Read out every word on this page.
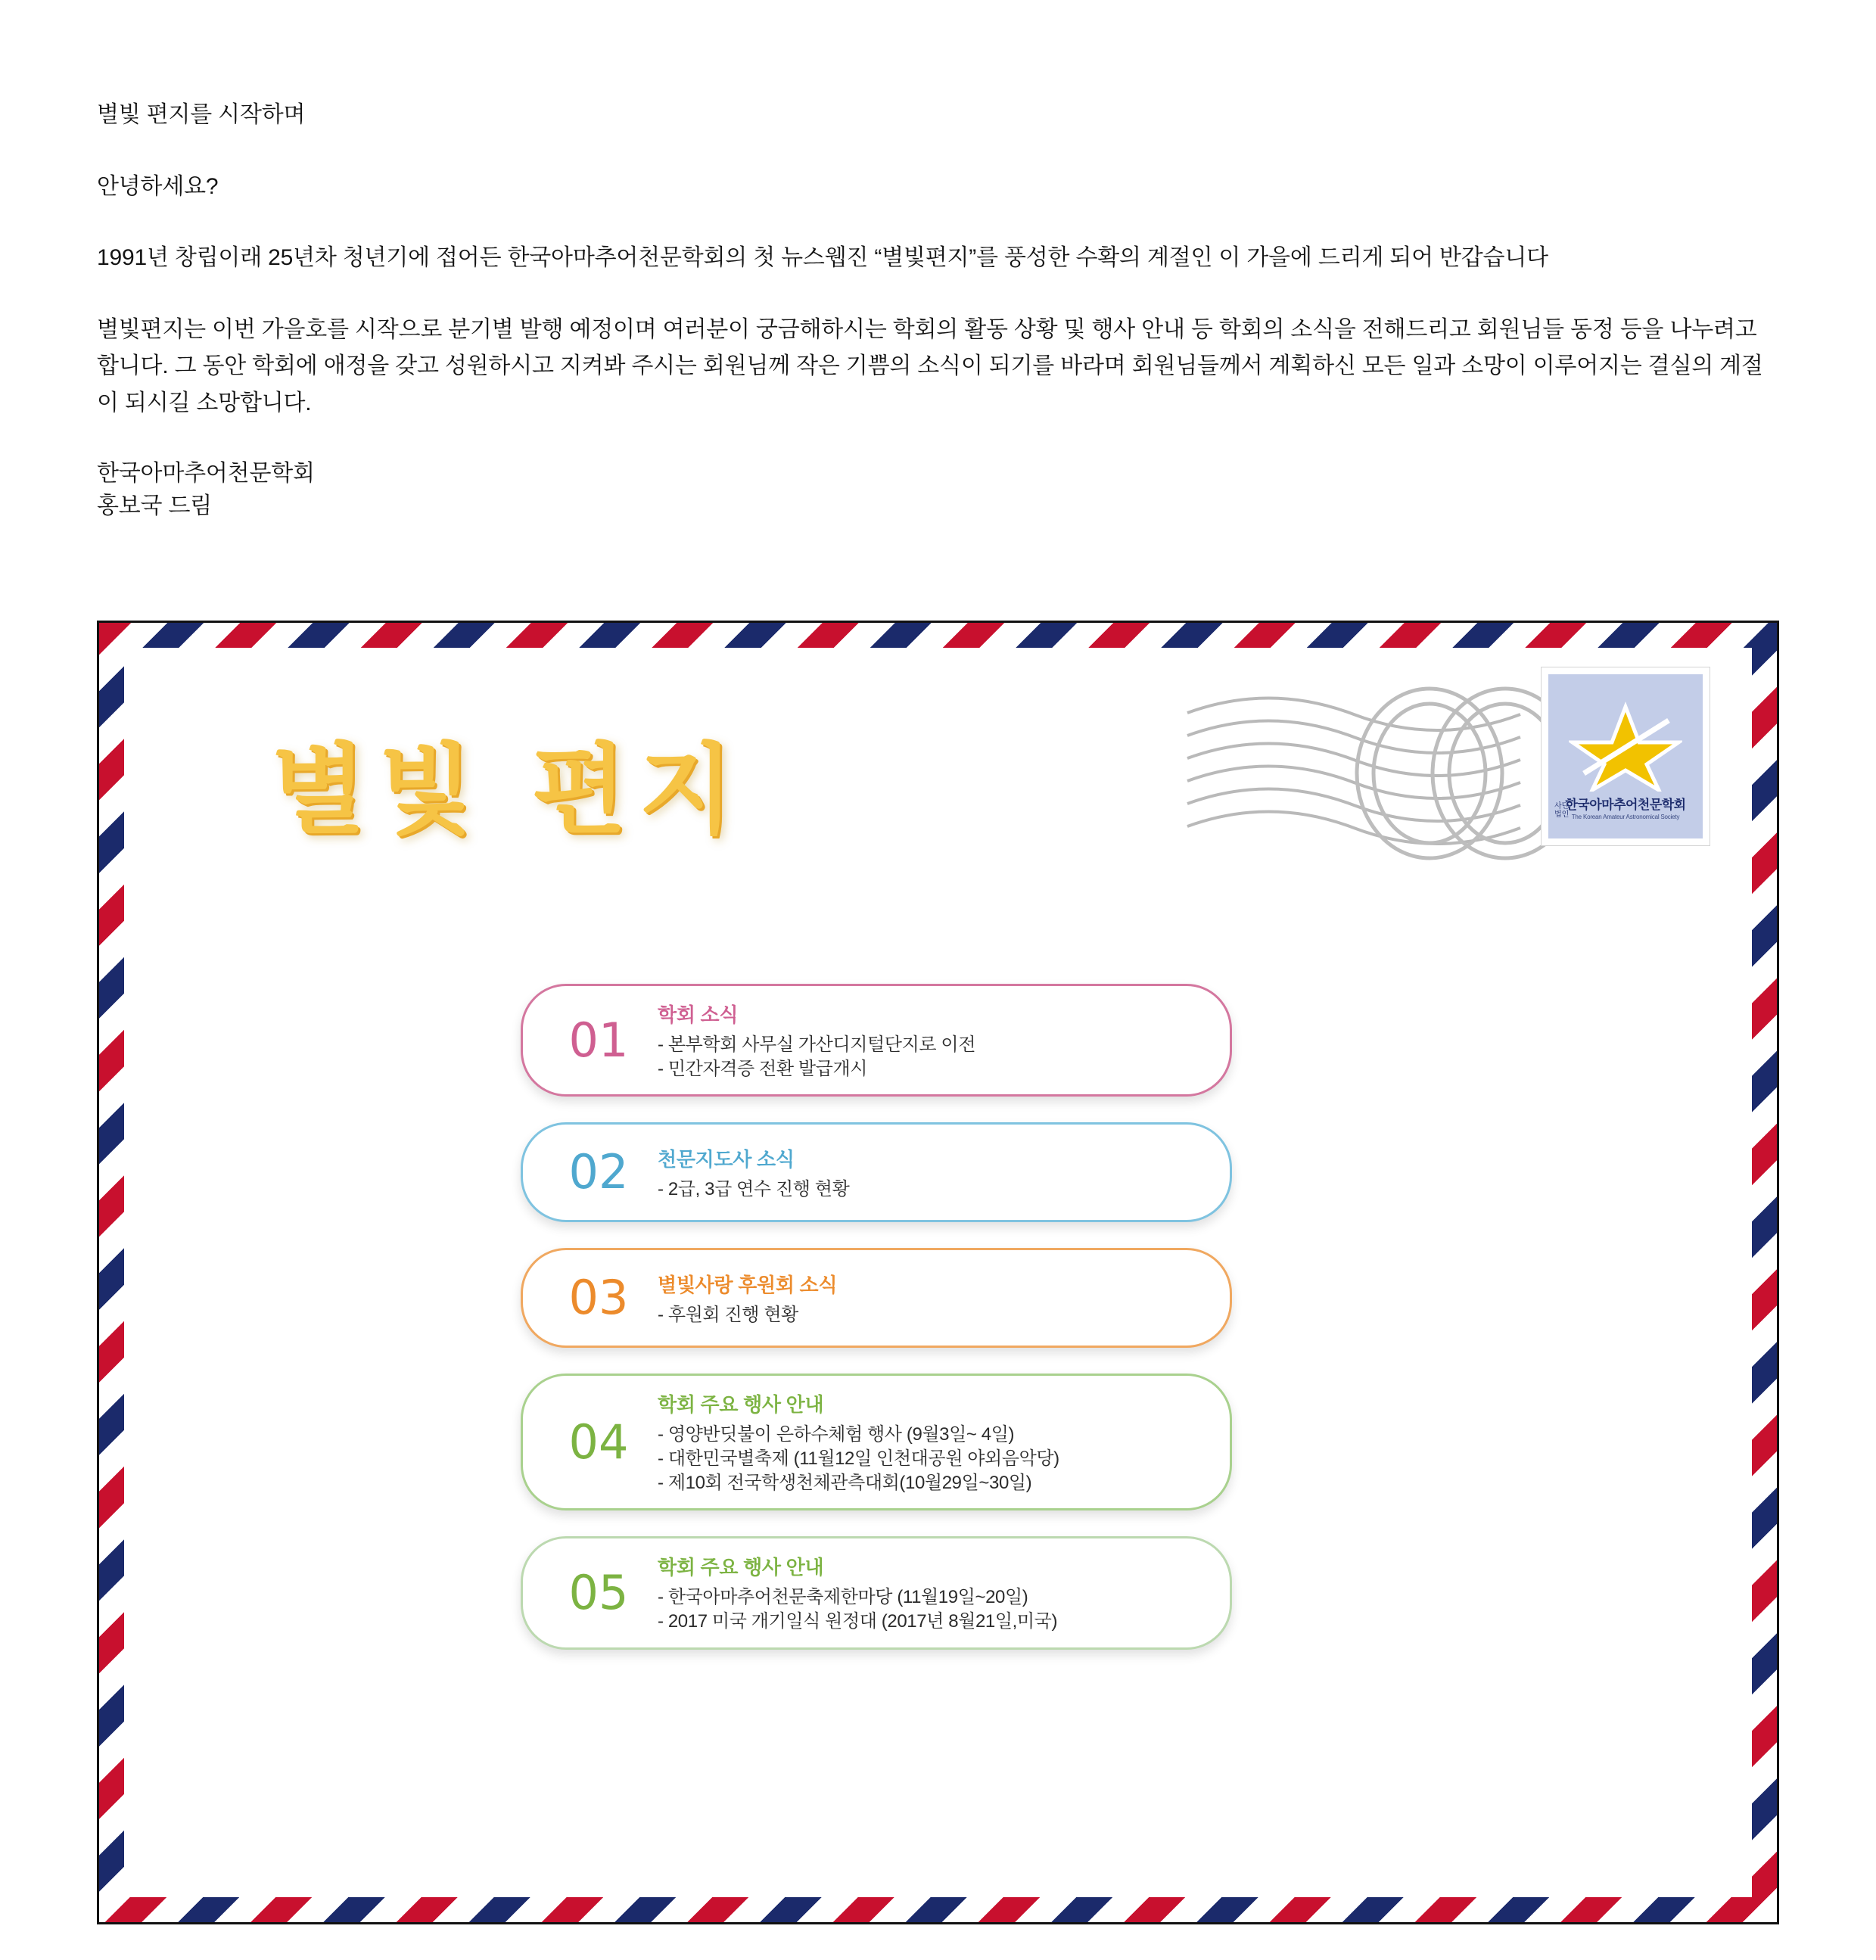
별빛 편지를 시작하며

안녕하세요?

1991년 창립이래 25년차 청년기에 접어든 한국아마추어천문학회의 첫 뉴스웹진 “별빛편지”를 풍성한 수확의 계절인 이 가을에 드리게 되어 반갑습니다

별빛편지는 이번 가을호를 시작으로 분기별 발행 예정이며 여러분이 궁금해하시는 학회의 활동 상황 및 행사 안내 등 학회의 소식을 전해드리고 회원님들 동정 등을 나누려고 합니다. 그 동안 학회에 애정을 갖고 성원하시고 지켜봐 주시는 회원님께 작은 기쁨의 소식이 되기를 바라며 회원님들께서 계획하신 모든 일과 소망이 이루어지는 결실의 계절이 되시길 소망합니다.

한국아마추어천문학회

홍보국 드림

별빛 편지	사단
법인
한국아마추어천문학회
The Korean Amateur Astronomical Society
01	학회 소식
- 본부학회 사무실 가산디지털단지로 이전
- 민간자격증 전환 발급개시
02	천문지도사 소식
- 2급, 3급 연수 진행 현황
03	별빛사랑 후원회 소식
- 후원회 진행 현황
04
학회 주요 행사 안내
- 영양반딧불이 은하수체험 행사 (9월3일~ 4일)
- 대한민국별축제 (11월12일 인천대공원 야외음악당)
- 제10회 전국학생천체관측대회(10월29일~30일)
05	학회 주요 행사 안내
- 한국아마추어천문축제한마당 (11월19일~20일)
- 2017 미국 개기일식 원정대 (2017년 8월21일,미국)
